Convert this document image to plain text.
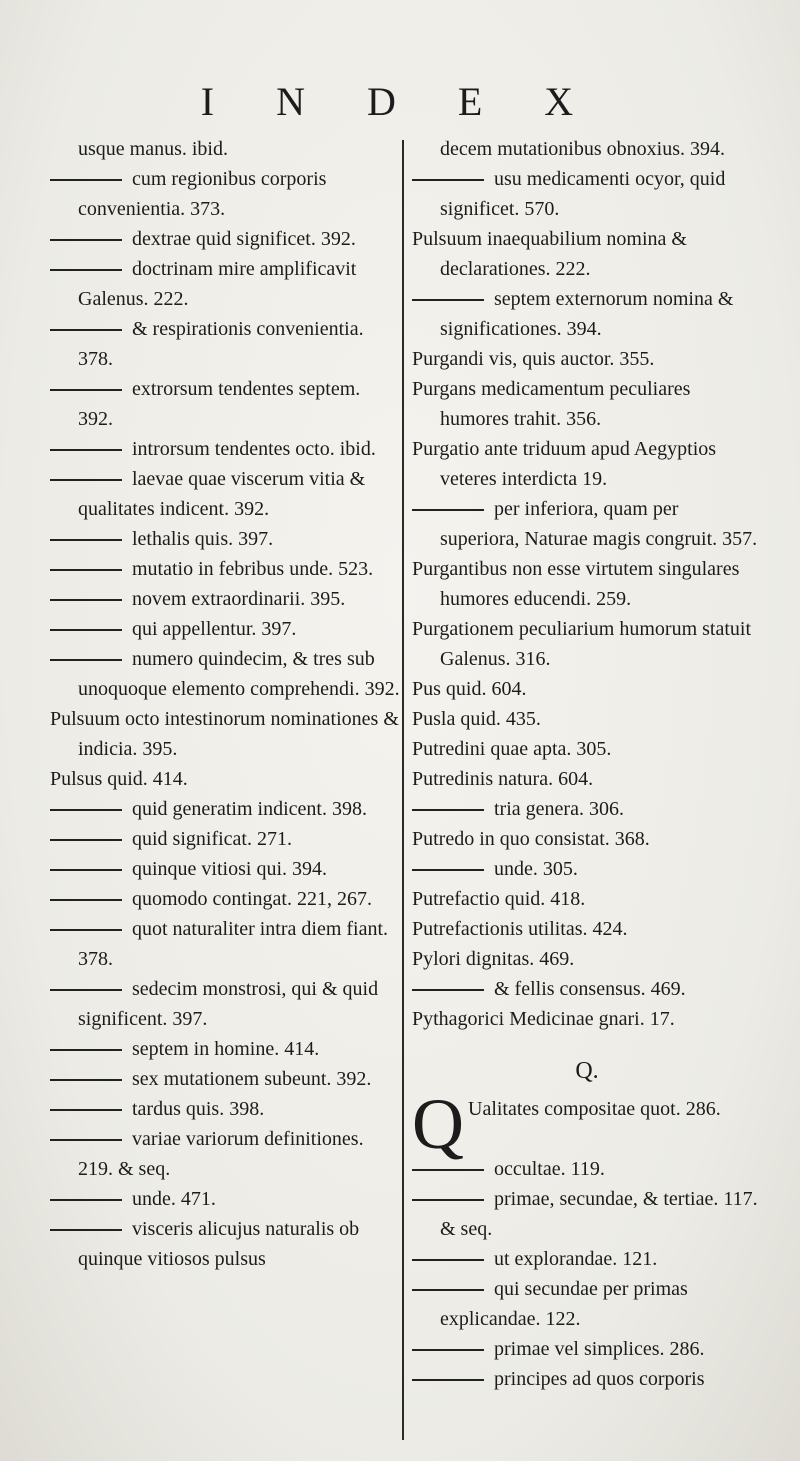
I N D E X

usque manus. ibid.

cum regionibus corporis convenientia. 373.

dextrae quid significet. 392.

doctrinam mire amplificavit Galenus. 222.

& respirationis convenientia. 378.

extrorsum tendentes septem. 392.

introrsum tendentes octo. ibid.

laevae quae viscerum vitia & qualitates indicent. 392.

lethalis quis. 397.

mutatio in febribus unde. 523.

novem extraordinarii. 395.

qui appellentur. 397.

numero quindecim, & tres sub unoquoque elemento comprehendi. 392.

Pulsuum octo intestinorum nominationes & indicia. 395.

Pulsus quid. 414.

quid generatim indicent. 398.

quid significat. 271.

quinque vitiosi qui. 394.

quomodo contingat. 221, 267.

quot naturaliter intra diem fiant. 378.

sedecim monstrosi, qui & quid significent. 397.

septem in homine. 414.

sex mutationem subeunt. 392.

tardus quis. 398.

variae variorum definitiones. 219. & seq.

unde. 471.

visceris alicujus naturalis ob quinque vitiosos pulsus

decem mutationibus obnoxius. 394.

usu medicamenti ocyor, quid significet. 570.

Pulsuum inaequabilium nomina & declarationes. 222.

septem externorum nomina & significationes. 394.

Purgandi vis, quis auctor. 355.

Purgans medicamentum peculiares humores trahit. 356.

Purgatio ante triduum apud Aegyptios veteres interdicta 19.

per inferiora, quam per superiora, Naturae magis congruit. 357.

Purgantibus non esse virtutem singulares humores educendi. 259.

Purgationem peculiarium humorum statuit Galenus. 316.

Pus quid. 604.

Pusla quid. 435.

Putredini quae apta. 305.

Putredinis natura. 604.

tria genera. 306.

Putredo in quo consistat. 368.

unde. 305.

Putrefactio quid. 418.

Putrefactionis utilitas. 424.

Pylori dignitas. 469.

& fellis consensus. 469.

Pythagorici Medicinae gnari. 17.

Q.
Q Ualitates compositae quot. 286.

occultae. 119.

primae, secundae, & tertiae. 117. & seq.

ut explorandae. 121.

qui secundae per primas explicandae. 122.

primae vel simplices. 286.

principes ad quos corporis
